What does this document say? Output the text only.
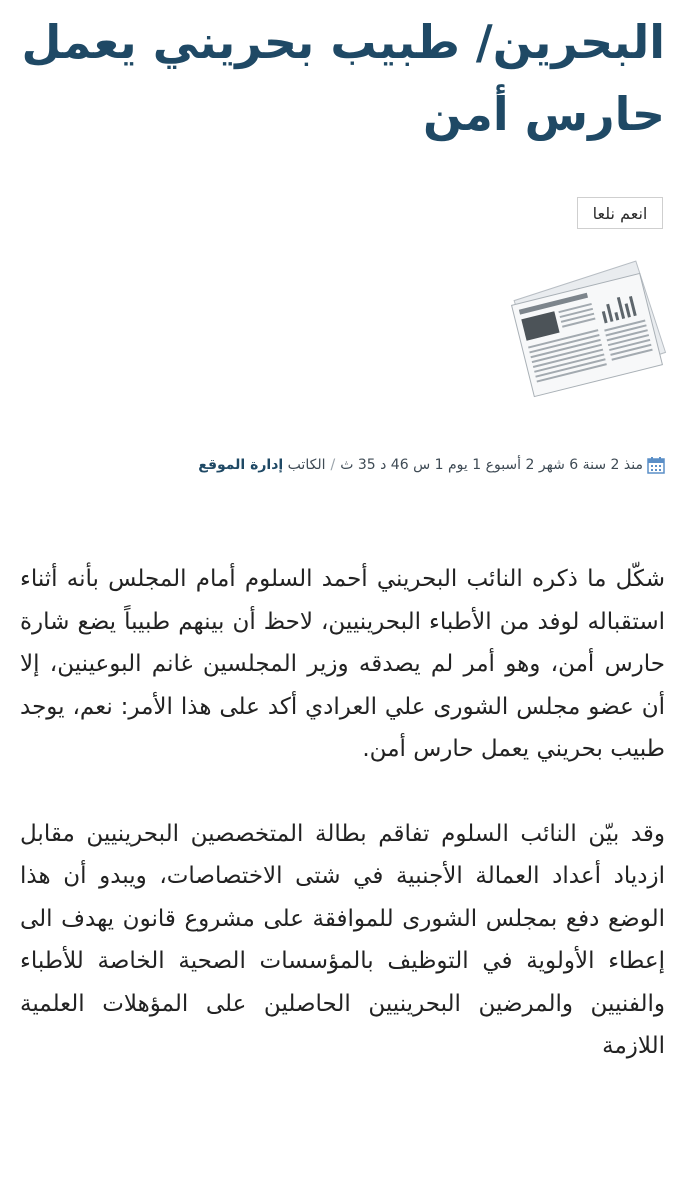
البحرين/ طبيب بحريني يعمل حارس أمن
انعم نلعا
منذ 2 سنة 6 شهر 2 أسبوع 1 يوم 1 س 46 د 35 ث/الكاتب إدارة الموقع

شكّل ما ذكره النائب البحريني أحمد السلوم أمام المجلس بأنه أثناء استقباله لوفد من الأطباء البحرينيين، لاحظ أن بينهم طبيباً يضع شارة حارس أمن، وهو أمر لم يصدقه وزير المجلسين غانم البوعينين، إلا أن عضو مجلس الشورى علي العرادي أكد على هذا الأمر: نعم، يوجد طبيب بحريني يعمل حارس أمن.

وقد بيّن النائب السلوم تفاقم بطالة المتخصصين البحرينيين مقابل ازدياد أعداد العمالة الأجنبية في شتى الاختصاصات، ويبدو أن هذا الوضع دفع بمجلس الشورى للموافقة على مشروع قانون يهدف الى إعطاء الأولوية في التوظيف بالمؤسسات الصحية الخاصة للأطباء والفنيين والمرضين البحرينيين الحاصلين على المؤهلات العلمية اللازمة
